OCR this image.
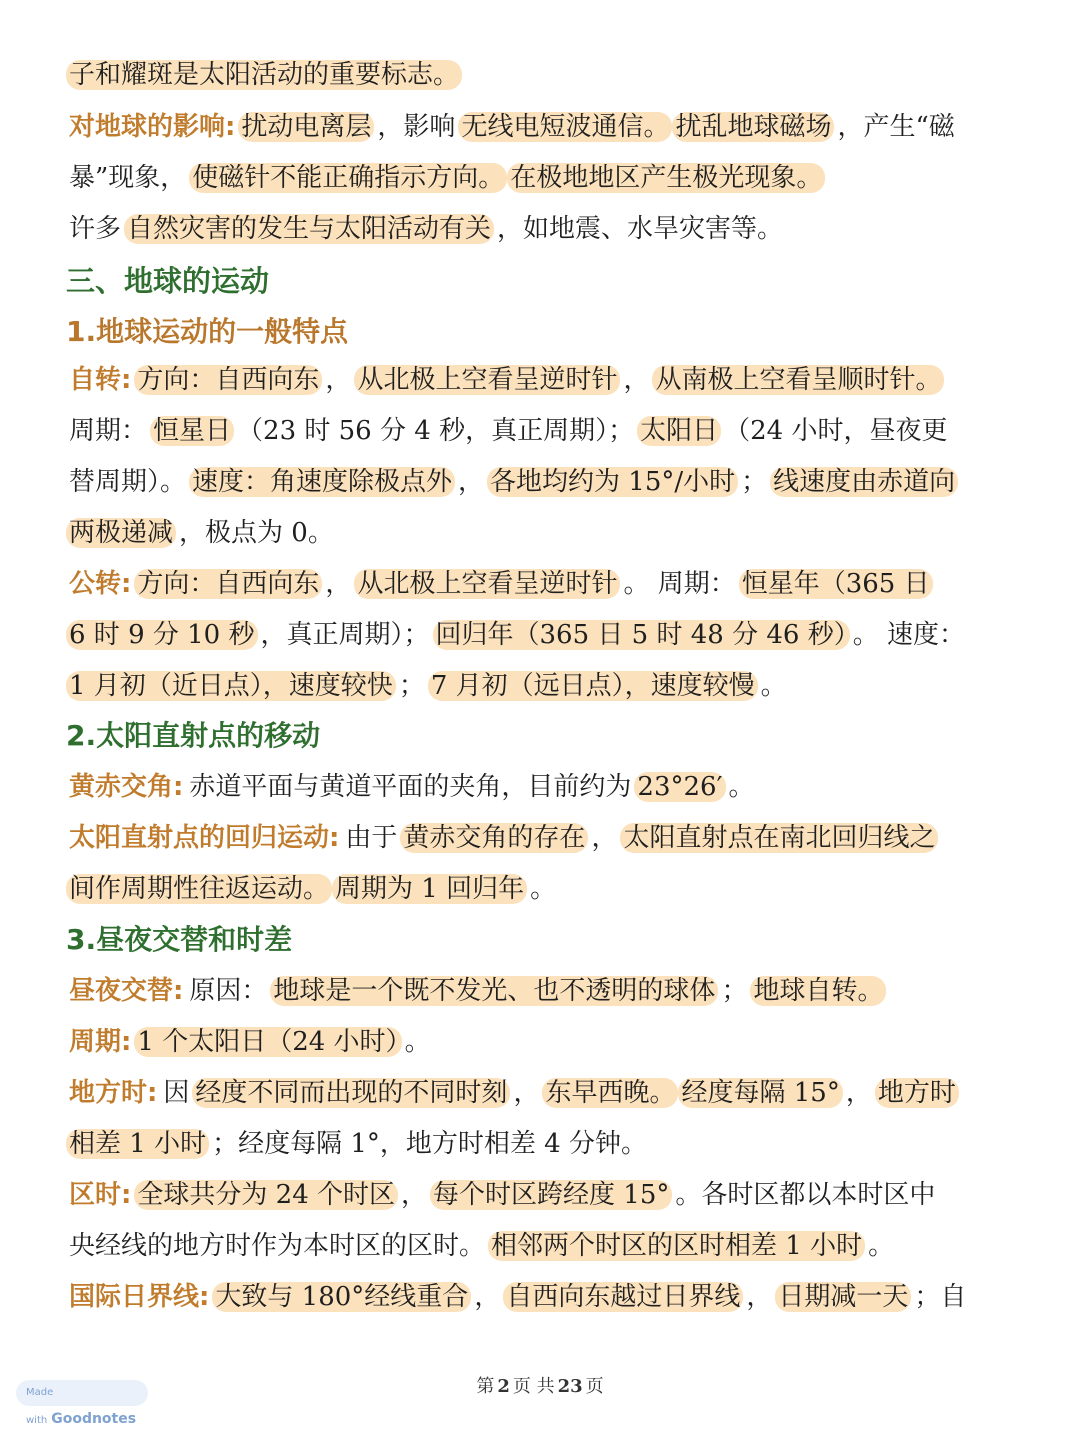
子和耀斑是太阳活动的重要标志。
对地球的影响: 扰动电离层 ，影响 无线电短波通信。 扰乱地球磁场 ，产生“磁
暴”现象， 使磁针不能正确指示方向。 在极地地区产生极光现象。
许多 自然灾害的发生与太阳活动有关 ，如地震、水旱灾害等。
三、地球的运动
1.地球运动的一般特点
自转: 方向：自西向东 ， 从北极上空看呈逆时针 ， 从南极上空看呈顺时针。
周期： 恒星日 （23 时 56 分 4 秒，真正周期）； 太阳日 （24 小时，昼夜更
替周期）。 速度：角速度除极点外 ， 各地均约为 15°/小时 ； 线速度由赤道向
两极递减 ，极点为 0。
公转: 方向：自西向东 ， 从北极上空看呈逆时针 。 周期： 恒星年（365 日
6 时 9 分 10 秒 ，真正周期）； 回归年（365 日 5 时 48 分 46 秒） 。 速度：
1 月初（近日点），速度较快 ； 7 月初（远日点），速度较慢 。
2.太阳直射点的移动
黄赤交角: 赤道平面与黄道平面的夹角，目前约为 23°26′ 。
太阳直射点的回归运动: 由于 黄赤交角的存在 ， 太阳直射点在南北回归线之
间作周期性往返运动。 周期为 1 回归年 。
3.昼夜交替和时差
昼夜交替: 原因： 地球是一个既不发光、也不透明的球体 ； 地球自转。
周期: 1 个太阳日（24 小时） 。
地方时: 因 经度不同而出现的不同时刻 ， 东早西晚。 经度每隔 15° ， 地方时
相差 1 小时 ；经度每隔 1°，地方时相差 4 分钟。
区时: 全球共分为 24 个时区 ， 每个时区跨经度 15° 。各时区都以本时区中
央经线的地方时作为本时区的区时。 相邻两个时区的区时相差 1 小时 。
国际日界线: 大致与 180°经线重合 ， 自西向东越过日界线 ， 日期减一天 ；自
第 2 页 共 23 页
Made with Goodnotes
